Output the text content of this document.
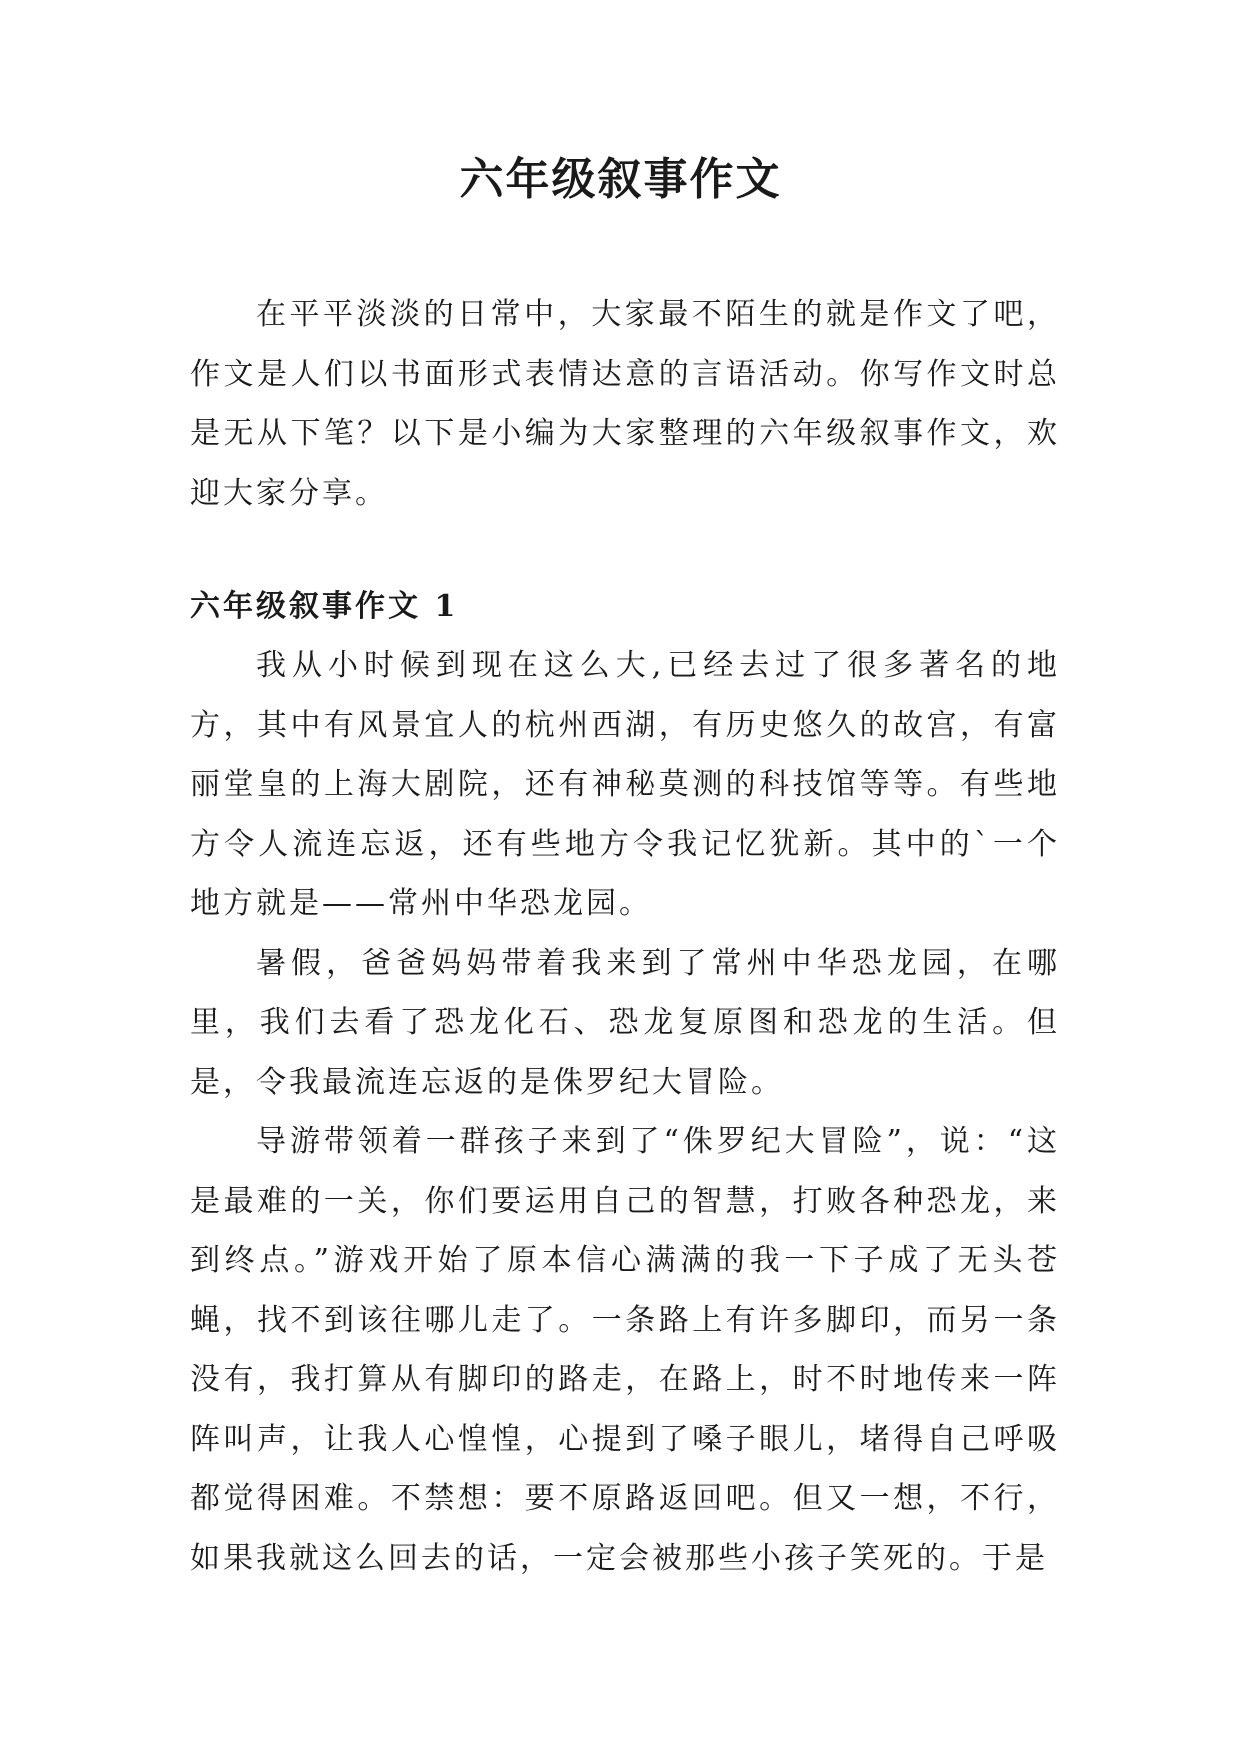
六年级叙事作文

在平平淡淡的日常中，大家最不陌生的就是作文了吧，作文是人们以书面形式表情达意的言语活动。你写作文时总是无从下笔？以下是小编为大家整理的六年级叙事作文，欢迎大家分享。

六年级叙事作文 1

我从小时候到现在这么大,已经去过了很多著名的地方，其中有风景宜人的杭州西湖，有历史悠久的故宫，有富丽堂皇的上海大剧院，还有神秘莫测的科技馆等等。有些地方令人流连忘返，还有些地方令我记忆犹新。其中的`一个地方就是——常州中华恐龙园。

暑假，爸爸妈妈带着我来到了常州中华恐龙园，在哪里，我们去看了恐龙化石、恐龙复原图和恐龙的生活。但是，令我最流连忘返的是侏罗纪大冒险。

导游带领着一群孩子来到了“侏罗纪大冒险”，说：“这是最难的一关，你们要运用自己的智慧，打败各种恐龙，来到终点。”游戏开始了原本信心满满的我一下子成了无头苍蝇，找不到该往哪儿走了。一条路上有许多脚印，而另一条没有，我打算从有脚印的路走，在路上，时不时地传来一阵阵叫声，让我人心惶惶，心提到了嗓子眼儿，堵得自己呼吸都觉得困难。不禁想：要不原路返回吧。但又一想，不行，如果我就这么回去的话，一定会被那些小孩子笑死的。于是
